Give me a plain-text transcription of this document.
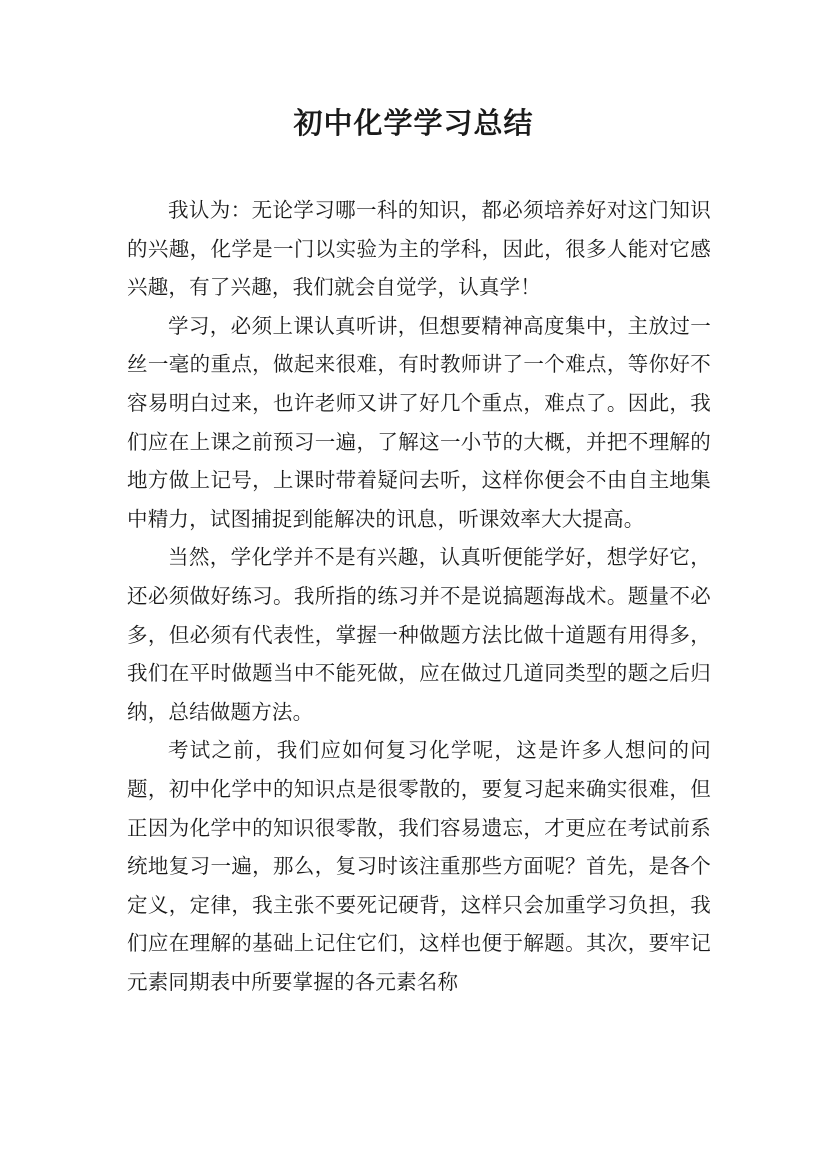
初中化学学习总结

我认为：无论学习哪一科的知识，都必须培养好对这门知识的兴趣，化学是一门以实验为主的学科，因此，很多人能对它感兴趣，有了兴趣，我们就会自觉学，认真学！

学习，必须上课认真听讲，但想要精神高度集中，主放过一丝一毫的重点，做起来很难，有时教师讲了一个难点，等你好不容易明白过来，也许老师又讲了好几个重点，难点了。因此，我们应在上课之前预习一遍，了解这一小节的大概，并把不理解的地方做上记号，上课时带着疑问去听，这样你便会不由自主地集中精力，试图捕捉到能解决的讯息，听课效率大大提高。

当然，学化学并不是有兴趣，认真听便能学好，想学好它，还必须做好练习。我所指的练习并不是说搞题海战术。题量不必多，但必须有代表性，掌握一种做题方法比做十道题有用得多，我们在平时做题当中不能死做，应在做过几道同类型的题之后归纳，总结做题方法。

考试之前，我们应如何复习化学呢，这是许多人想问的问题，初中化学中的知识点是很零散的，要复习起来确实很难，但正因为化学中的知识很零散，我们容易遗忘，才更应在考试前系统地复习一遍，那么，复习时该注重那些方面呢？首先，是各个定义，定律，我主张不要死记硬背，这样只会加重学习负担，我们应在理解的基础上记住它们，这样也便于解题。其次，要牢记元素同期表中所要掌握的各元素名称
